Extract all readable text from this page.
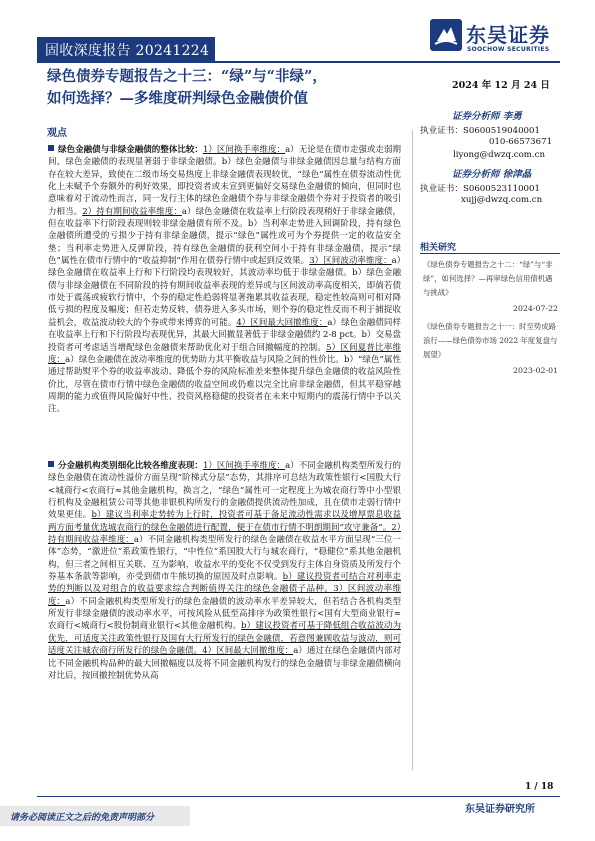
固收深度报告 20241224
东吴证券
SOOCHOW SECURITIES
绿色债券专题报告之十三：“绿”与“非绿”，
如何选择？—多维度研判绿色金融债价值
2024 年 12 月 24 日
证券分析师 李勇
执业证书：S0600519040001
010-66573671
liyong@dwzq.com.cn
证券分析师 徐津晶
执业证书：S0600523110001
xujj@dwzq.com.cn
相关研究
《绿色债券专题报告之十二：“绿”与“非绿”，如何选择？—再审绿色信用债机遇与挑战》
2024-07-22
《绿色债券专题报告之十一：时至势成路浪行——绿色债券市场 2022 年度复盘与展望》
2023-02-01
观点
绿色金融债与非绿金融债的整体比较：1）区间换手率维度：a）无论是在债市走强或走弱期间，绿色金融债的表现显著弱于非绿金融债。b）绿色金融债与非绿金融债因总量与结构方面存在较大差异，致使在二级市场交易热度上非绿金融债表现较优，“绿色”属性在债券流动性优化上未赋予个券额外的利好效果，即投资者或未宣到更偏好交易绿色金融债的倾向，但同时也意味着对于流动性而言，同一发行主体的绿色金融债个券与非绿金融债个券对于投资者的吸引力相当。2）持有期间收益率维度：a）绿色金融债在收益率上行阶段表现稍好于非绿金融债，但在收益率下行阶段表现则较非绿金融债有所不及。b）当利率走势进入回调阶段，持有绿色金融债所遭受的亏损少于持有非绿金融债，提示“绿色”属性或可为个券提供一定的收益安全垫；当利率走势进入反弹阶段，持有绿色金融债的获利空间小于持有非绿金融债，提示“绿色”属性在债市行情中的“收益抑制”作用在债券行情中或起到反效果。3）区间波动率维度：a）绿色金融债在收益率上行和下行阶段均表现较好，其波动率均低于非绿金融债。b）绿色金融债与非绿金融债在不同阶段的持有期间收益率表现的差异或与区间波动率高度相关，即倘若债市处于震荡或疲软行情中，个券的稳定性趋弱将显著拖累其收益表现，稳定性较高则可相对降低亏损的程度及幅度；但若走势反转，债券进入多头市场，则个券的稳定性反而不利于捕捉收益机会，收益波动较大的个券或带来博弈的可能。4）区间最大回撤维度：a）绿色金融债同样在收益率上行和下行阶段均表现优异，其最大回撤显著低于非绿金融债约 2-8 pct。b）交易盘投资者可考虑适当增配绿色金融债来帮助优化对于组合回撤幅度的控制。5）区间夏普比率维度：a）绿色金融债在波动率维度的优势助力其平衡收益与风险之间的性价比。b）“绿色”属性通过帮助熨平个券的收益率波动、降低个券的风险标准差来整体提升绿色金融债的收益风险性价比，尽管在债市行情中绿色金融债的收益空间或仍难以完全比肩非绿金融债，但其平稳穿越周期的能力或值得风险偏好中性、投资风格稳健的投资者在未来中短期内的震荡行情中予以关注。
分金融机构类别细化比较各维度表现：1）区间换手率维度：a）不同金融机构类型所发行的绿色金融债在流动性溢价方面呈现“阶梯式分层”态势，其排序可总结为政策性银行<国股大行<城商行<农商行≈其他金融机构，换言之，“绿色”属性可一定程度上为城农商行等中小型银行机构及金融租赁公司等其他非银机构所发行的金融债提供流动性加成，且在债市走弱行情中效果更佳。b）建议当利率走势转为上行时，投资者可基于备足流动性需求以及增厚票息收益两方面考量优选城农商行的绿色金融债进行配置，便于在债市行情不明朗期间“攻守兼备”。2）持有期间收益率维度：a）不同金融机构类型所发行的绿色金融债在收益水平方面呈现“三位一体”态势，“激进位”系政策性银行，“中性位”系国股大行与城农商行，“稳健位”系其他金融机构，但三者之间相互关联、互为影响，收益水平的变化不仅受到发行主体自身资质及所发行个券基本条款等影响，亦受到债市牛熊切换的原因及时点影响。b）建议投资者可结合对利率走势的判断以及对组合的收益要求综合判断值得关注的绿色金融债子品种。3）区间波动率维度：a）不同金融机构类型所发行的绿色金融债的波动率水平差异较大，但若结合各机构类型所发行非绿金融债的波动率水平，可按风险从低至高排序为政策性银行<国有大型商业银行≈农商行<城商行<股份制商业银行<其他金融机构。b）建议投资者可基于降低组合收益波动为优先，可适度关注政策性银行及国有大行所发行的绿色金融债，若意图兼顾收益与波动，则可适度关注城农商行所发行的绿色金融债。4）区间最大回撤维度：a）通过在绿色金融债内部对比不同金融机构品种的最大回撤幅度以及将不同金融机构发行的绿色金融债与非绿金融债横向对比后，按回撤控制优势从高
1 / 18
东吴证券研究所
请务必阅读正文之后的免责声明部分
